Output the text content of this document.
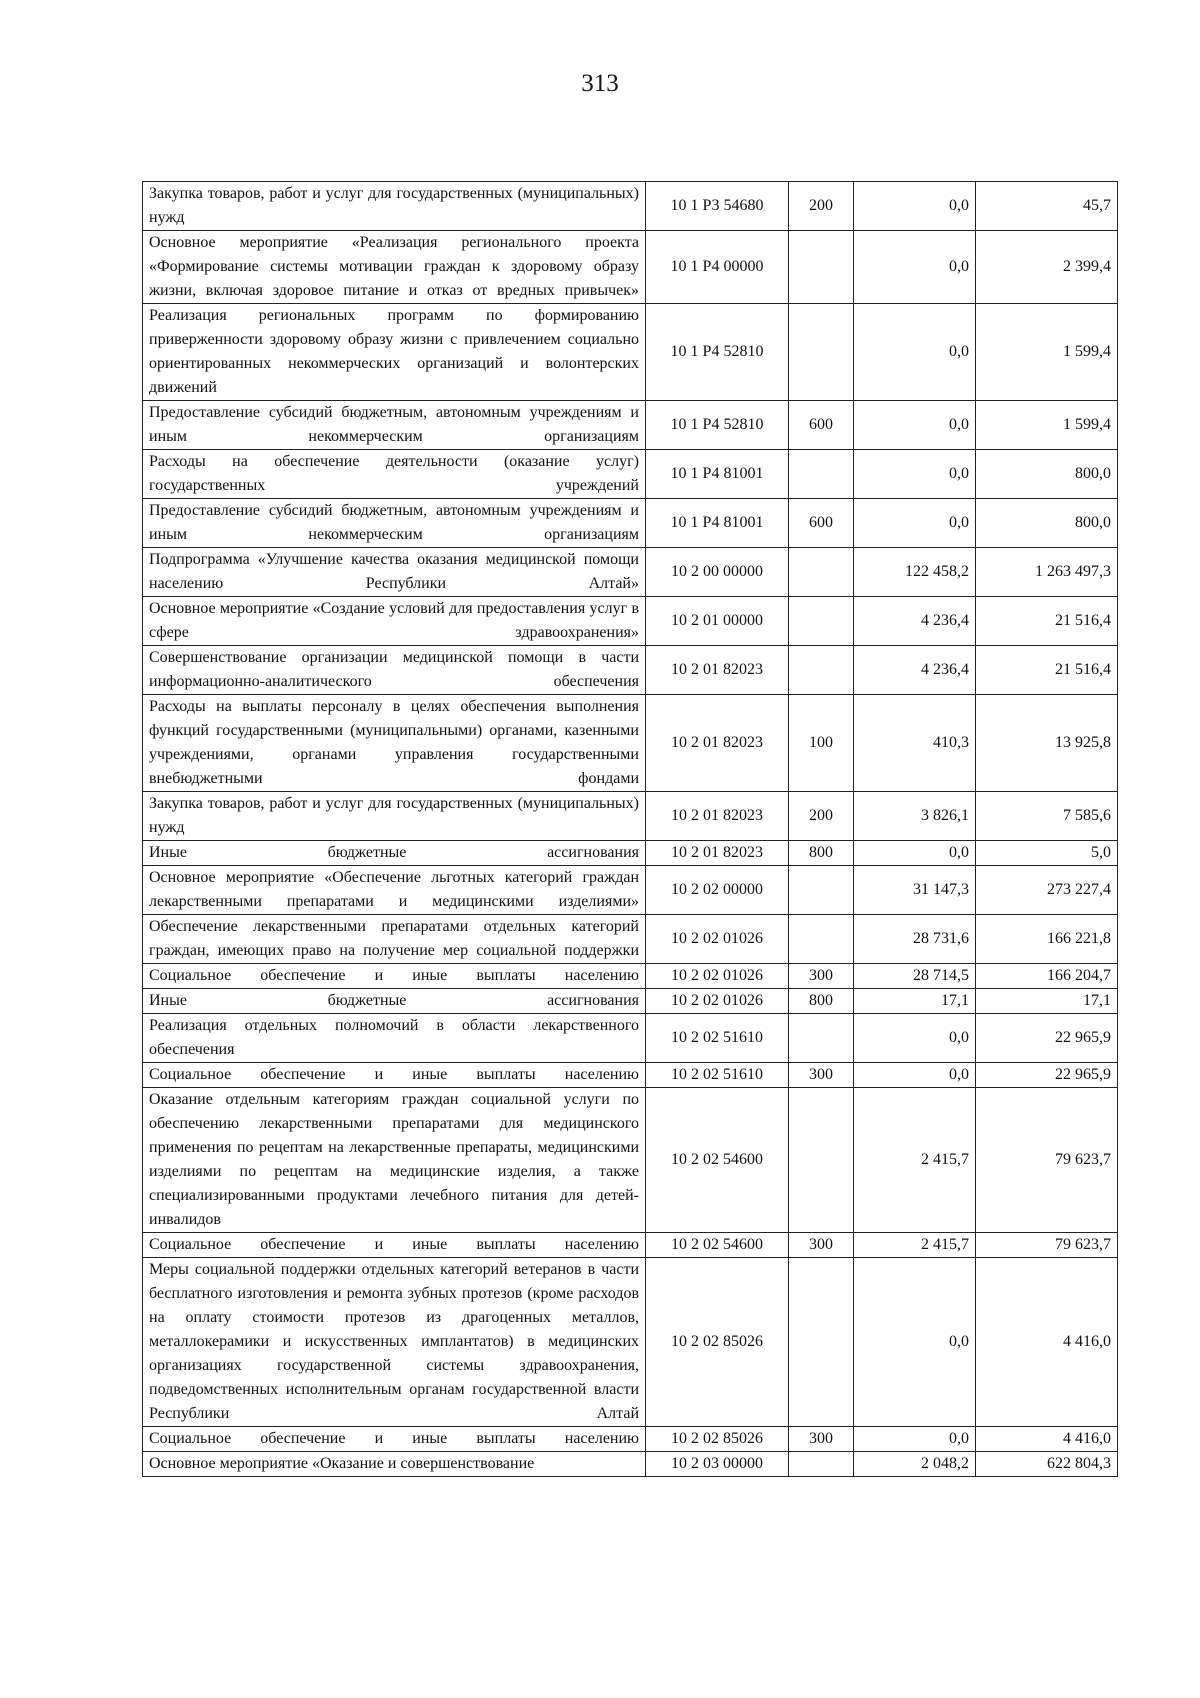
313
Закупка товаров, работ и услуг для государственных (муниципальных) нужд	10 1 P3 54680	200	0,0	45,7
Основное мероприятие «Реализация регионального проекта «Формирование системы мотивации граждан к здоровому образу жизни, включая здоровое питание и отказ от вредных привычек»	10 1 P4 00000		0,0	2 399,4
Реализация региональных программ по формированию приверженности здоровому образу жизни с привлечением социально ориентированных некоммерческих организаций и волонтерских движений	10 1 P4 52810		0,0	1 599,4
Предоставление субсидий бюджетным, автономным учреждениям и иным некоммерческим организациям	10 1 P4 52810	600	0,0	1 599,4
Расходы на обеспечение деятельности (оказание услуг) государственных учреждений	10 1 P4 81001		0,0	800,0
Предоставление субсидий бюджетным, автономным учреждениям и иным некоммерческим организациям	10 1 P4 81001	600	0,0	800,0
Подпрограмма «Улучшение качества оказания медицинской помощи населению Республики Алтай»	10 2 00 00000		122 458,2	1 263 497,3
Основное мероприятие «Создание условий для предоставления услуг в сфере здравоохранения»	10 2 01 00000		4 236,4	21 516,4
Совершенствование организации медицинской помощи в части информационно-аналитического обеспечения	10 2 01 82023		4 236,4	21 516,4
Расходы на выплаты персоналу в целях обеспечения выполнения функций государственными (муниципальными) органами, казенными учреждениями, органами управления государственными внебюджетными фондами	10 2 01 82023	100	410,3	13 925,8
Закупка товаров, работ и услуг для государственных (муниципальных) нужд	10 2 01 82023	200	3 826,1	7 585,6
Иные бюджетные ассигнования	10 2 01 82023	800	0,0	5,0
Основное мероприятие «Обеспечение льготных категорий граждан лекарственными препаратами и медицинскими изделиями»	10 2 02 00000		31 147,3	273 227,4
Обеспечение лекарственными препаратами отдельных категорий граждан, имеющих право на получение мер социальной поддержки	10 2 02 01026		28 731,6	166 221,8
Социальное обеспечение и иные выплаты населению	10 2 02 01026	300	28 714,5	166 204,7
Иные бюджетные ассигнования	10 2 02 01026	800	17,1	17,1
Реализация отдельных полномочий в области лекарственного обеспечения	10 2 02 51610		0,0	22 965,9
Социальное обеспечение и иные выплаты населению	10 2 02 51610	300	0,0	22 965,9
Оказание отдельным категориям граждан социальной услуги по обеспечению лекарственными препаратами для медицинского применения по рецептам на лекарственные препараты, медицинскими изделиями по рецептам на медицинские изделия, а также специализированными продуктами лечебного питания для детей-инвалидов	10 2 02 54600		2 415,7	79 623,7
Социальное обеспечение и иные выплаты населению	10 2 02 54600	300	2 415,7	79 623,7
Меры социальной поддержки отдельных категорий ветеранов в части бесплатного изготовления и ремонта зубных протезов (кроме расходов на оплату стоимости протезов из драгоценных металлов, металлокерамики и искусственных имплантатов) в медицинских организациях государственной системы здравоохранения, подведомственных исполнительным органам государственной власти Республики Алтай	10 2 02 85026		0,0	4 416,0
Социальное обеспечение и иные выплаты населению	10 2 02 85026	300	0,0	4 416,0
Основное мероприятие «Оказание и совершенствование	10 2 03 00000		2 048,2	622 804,3
